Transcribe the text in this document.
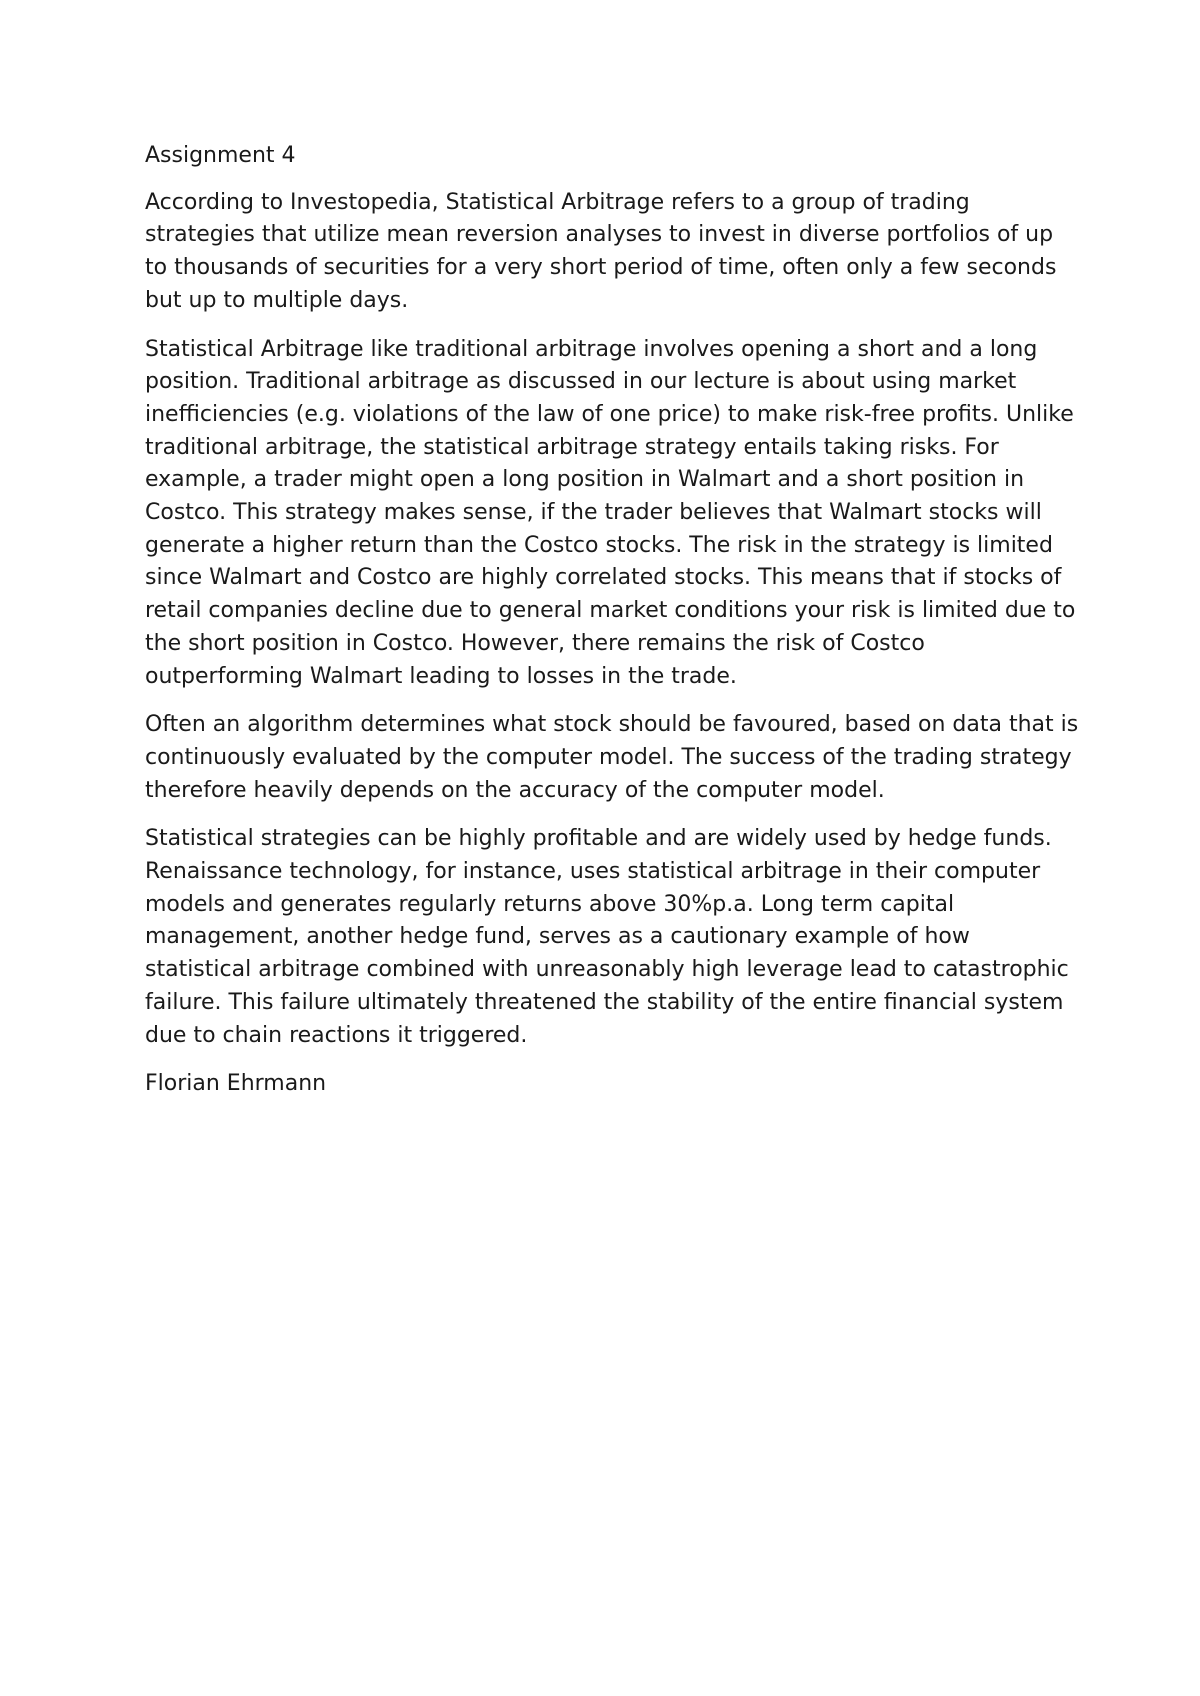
Assignment 4

According to Investopedia, Statistical Arbitrage refers to a group of trading strategies that utilize mean reversion analyses to invest in diverse portfolios of up to thousands of securities for a very short period of time, often only a few seconds but up to multiple days.

Statistical Arbitrage like traditional arbitrage involves opening a short and a long position. Traditional arbitrage as discussed in our lecture is about using market inefficiencies (e.g. violations of the law of one price) to make risk-free profits. Unlike traditional arbitrage, the statistical arbitrage strategy entails taking risks. For example, a trader might open a long position in Walmart and a short position in Costco. This strategy makes sense, if the trader believes that Walmart stocks will generate a higher return than the Costco stocks. The risk in the strategy is limited since Walmart and Costco are highly correlated stocks. This means that if stocks of retail companies decline due to general market conditions your risk is limited due to the short position in Costco. However, there remains the risk of Costco outperforming Walmart leading to losses in the trade.

Often an algorithm determines what stock should be favoured, based on data that is continuously evaluated by the computer model. The success of the trading strategy therefore heavily depends on the accuracy of the computer model.

Statistical strategies can be highly profitable and are widely used by hedge funds. Renaissance technology, for instance, uses statistical arbitrage in their computer models and generates regularly returns above 30%p.a. Long term capital management, another hedge fund, serves as a cautionary example of how statistical arbitrage combined with unreasonably high leverage lead to catastrophic failure. This failure ultimately threatened the stability of the entire financial system due to chain reactions it triggered.

Florian Ehrmann
